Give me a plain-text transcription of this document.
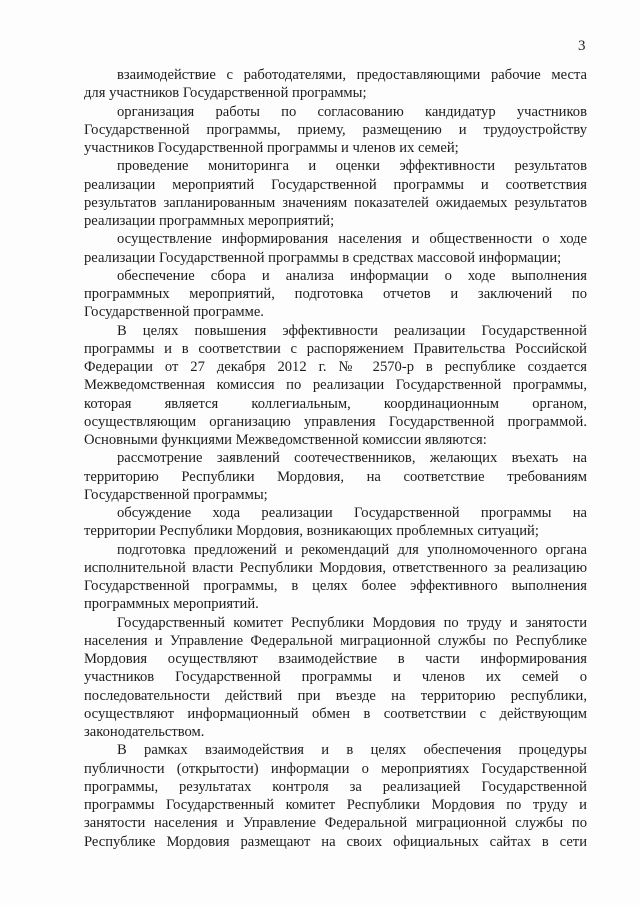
3
взаимодействие с работодателями, предоставляющими рабочие места
для участников Государственной программы;
организация работы по согласованию кандидатур участников
Государственной программы, приему, размещению и трудоустройству
участников Государственной программы и членов их семей;
проведение мониторинга и оценки эффективности результатов
реализации мероприятий Государственной программы и соответствия
результатов запланированным значениям показателей ожидаемых результатов
реализации программных мероприятий;
осуществление информирования населения и общественности о ходе
реализации Государственной программы в средствах массовой информации;
обеспечение сбора и анализа информации о ходе выполнения
программных мероприятий, подготовка отчетов и заключений по
Государственной программе.
В целях повышения эффективности реализации Государственной
программы и в соответствии с распоряжением Правительства Российской
Федерации от 27 декабря 2012 г. № 2570-р в республике создается
Межведомственная комиссия по реализации Государственной программы,
которая является коллегиальным, координационным органом,
осуществляющим организацию управления Государственной программой.
Основными функциями Межведомственной комиссии являются:
рассмотрение заявлений соотечественников, желающих въехать на
территорию Республики Мордовия, на соответствие требованиям
Государственной программы;
обсуждение хода реализации Государственной программы на
территории Республики Мордовия, возникающих проблемных ситуаций;
подготовка предложений и рекомендаций для уполномоченного органа
исполнительной власти Республики Мордовия, ответственного за реализацию
Государственной программы, в целях более эффективного выполнения
программных мероприятий.
Государственный комитет Республики Мордовия по труду и занятости
населения и Управление Федеральной миграционной службы по Республике
Мордовия осуществляют взаимодействие в части информирования
участников Государственной программы и членов их семей о
последовательности действий при въезде на территорию республики,
осуществляют информационный обмен в соответствии с действующим
законодательством.
В рамках взаимодействия и в целях обеспечения процедуры
публичности (открытости) информации о мероприятиях Государственной
программы, результатах контроля за реализацией Государственной
программы Государственный комитет Республики Мордовия по труду и
занятости населения и Управление Федеральной миграционной службы по
Республике Мордовия размещают на своих официальных сайтах в сети
